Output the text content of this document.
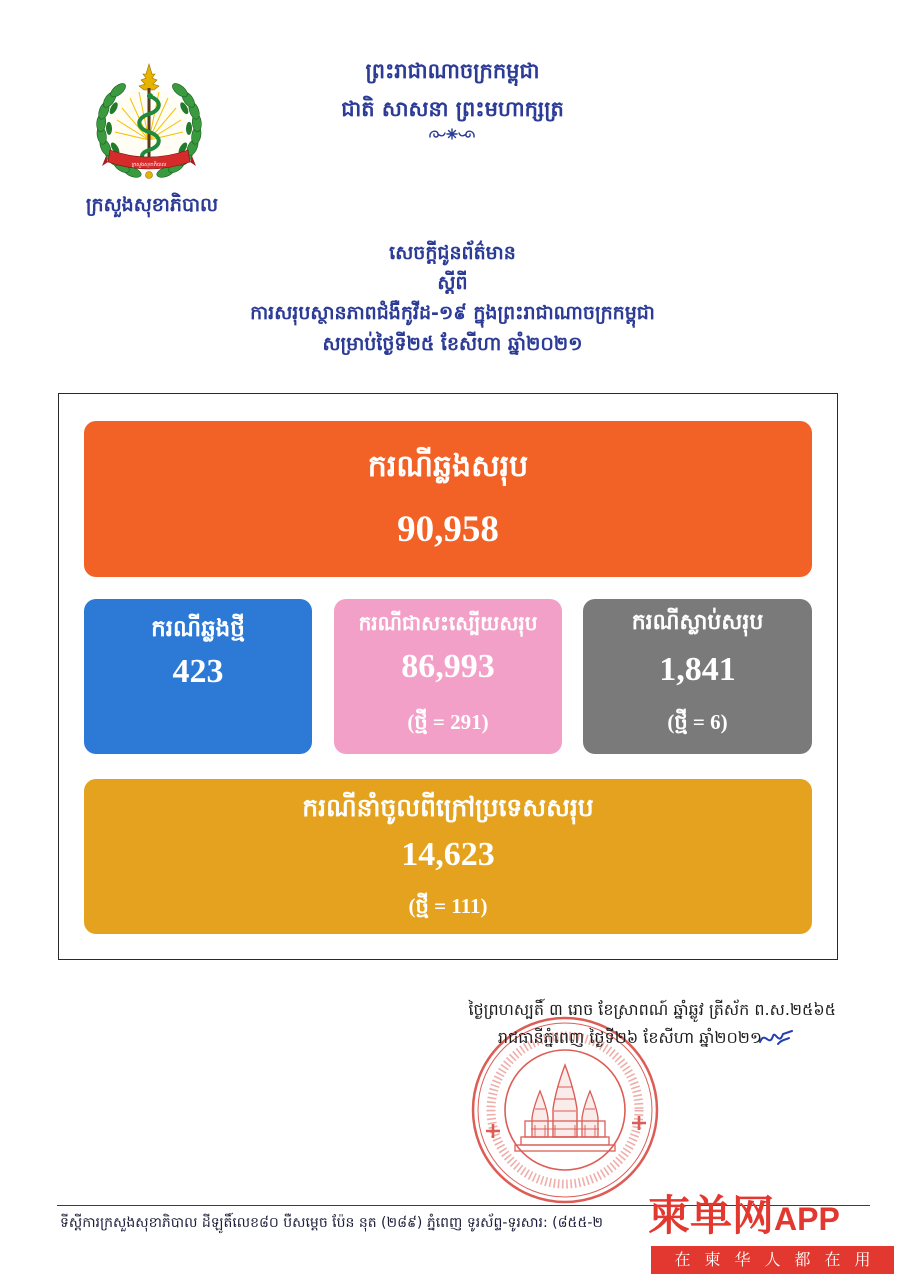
ព្រះរាជាណាចក្រកម្ពុជា
ជាតិ សាសនា ព្រះមហាក្សត្រ
ក្រសួងសុខាភិបាល
ក្រសួងសុខាភិបាល
សេចក្តីជូនព័ត៌មាន
ស្តីពី
ការសរុបស្ថានភាពជំងឺកូវីដ-១៩ ក្នុងព្រះរាជាណាចក្រកម្ពុជា
សម្រាប់ថ្ងៃទី២៥ ខែសីហា ឆ្នាំ២០២១
ករណីឆ្លងសរុប
90,958
ករណីឆ្លងថ្មី
423
ករណីជាសះស្បើយសរុប
86,993
(ថ្មី = 291)
ករណីស្លាប់សរុប
1,841
(ថ្មី = 6)
ករណីនាំចូលពីក្រៅប្រទេសសរុប
14,623
(ថ្មី = 111)
ថ្ងៃព្រហស្បតិ៍ ៣ រោច ខែស្រាពណ៍ ឆ្នាំឆ្លូវ ត្រីស័ក ព.ស.២៥៦៥
រាជធានីភ្នំពេញ ថ្ងៃទី២៦ ខែសីហា ឆ្នាំ២០២១
ទីស្តីការក្រសួងសុខាភិបាល ដីឡូតិ៍លេខ៨០ បឺសម្តេច ប៉ែន នុត (២៨៩) ភ្នំពេញ ទូរស័ព្ទ-ទូរសារ: (៨៥៥-២	柬单网APP
在柬华人都在用
